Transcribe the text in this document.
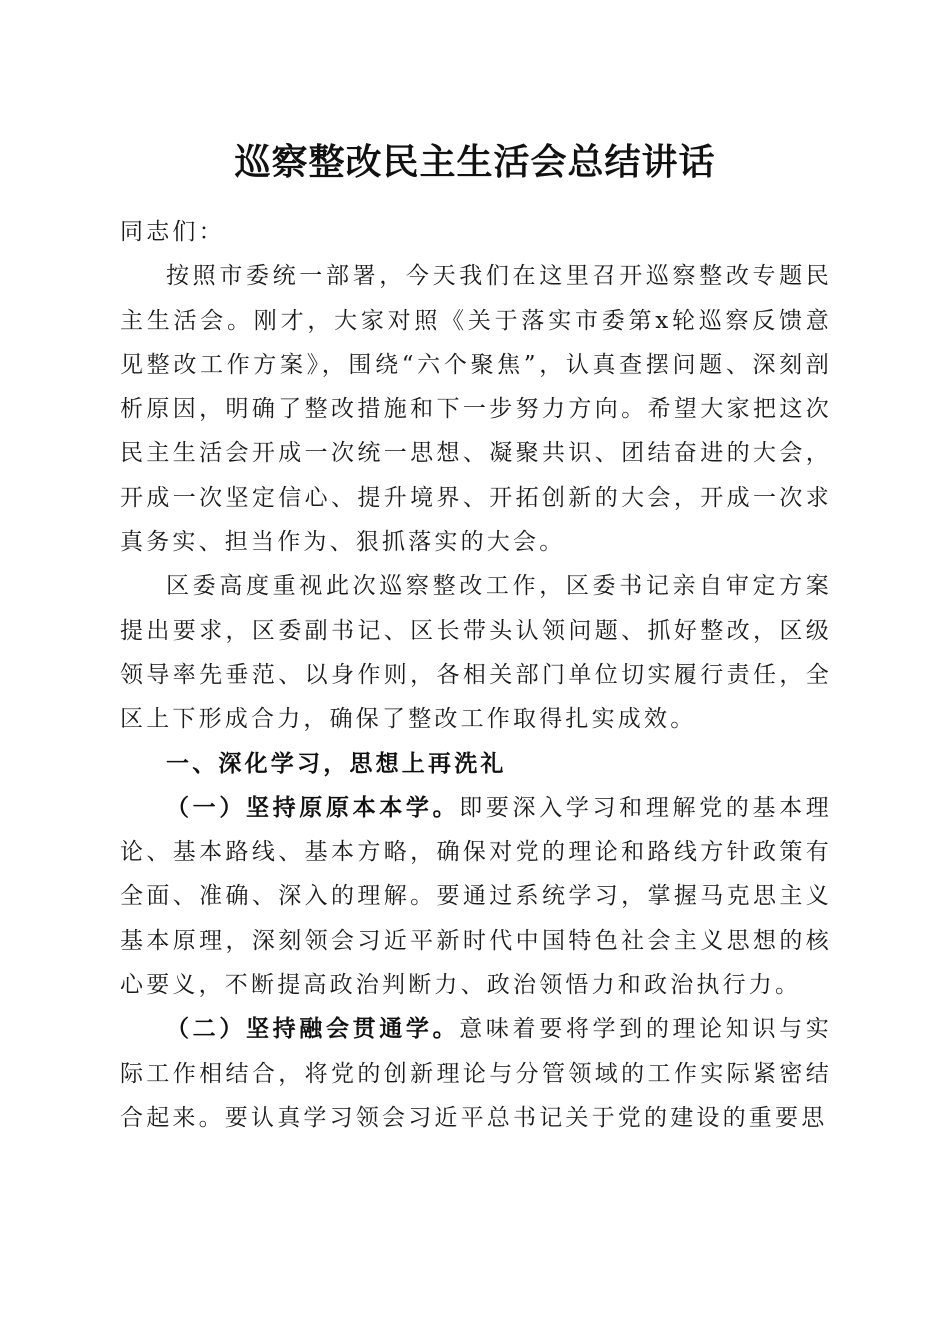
巡察整改民主生活会总结讲话

同志们：

按照市委统一部署，今天我们在这里召开巡察整改专题民主生活会。刚才，大家对照《关于落实市委第x轮巡察反馈意见整改工作方案》，围绕“六个聚焦”，认真查摆问题、深刻剖析原因，明确了整改措施和下一步努力方向。希望大家把这次民主生活会开成一次统一思想、凝聚共识、团结奋进的大会，开成一次坚定信心、提升境界、开拓创新的大会，开成一次求真务实、担当作为、狠抓落实的大会。

区委高度重视此次巡察整改工作，区委书记亲自审定方案提出要求，区委副书记、区长带头认领问题、抓好整改，区级领导率先垂范、以身作则，各相关部门单位切实履行责任，全区上下形成合力，确保了整改工作取得扎实成效。

一、深化学习，思想上再洗礼

（一）坚持原原本本学。即要深入学习和理解党的基本理论、基本路线、基本方略，确保对党的理论和路线方针政策有全面、准确、深入的理解。要通过系统学习，掌握马克思主义基本原理，深刻领会习近平新时代中国特色社会主义思想的核心要义，不断提高政治判断力、政治领悟力和政治执行力。

（二）坚持融会贯通学。意味着要将学到的理论知识与实际工作相结合，将党的创新理论与分管领域的工作实际紧密结合起来。要认真学习领会习近平总书记关于党的建设的重要思
